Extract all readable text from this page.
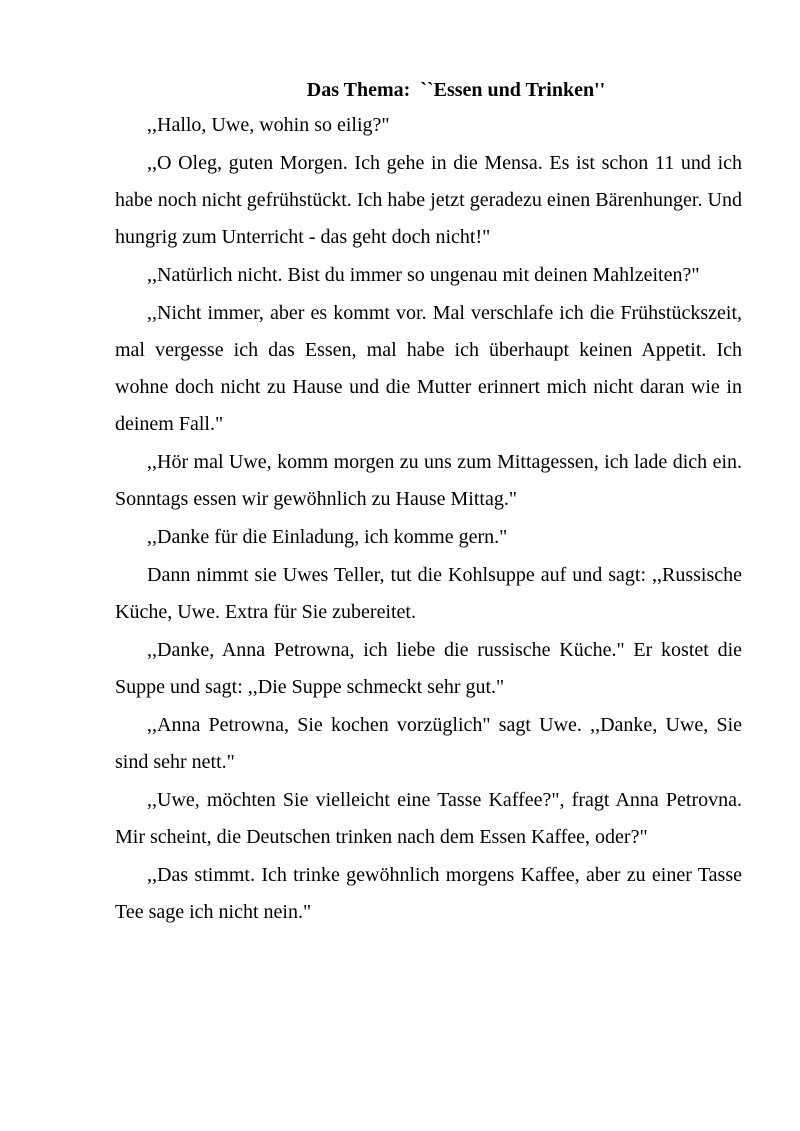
Das Thema:  ``Essen und Trinken''

,,Hallo, Uwe, wohin so eilig?"

,,O Oleg, guten Morgen. Ich gehe in die Mensa. Es ist schon 11 und ich habe noch nicht gefrühstückt. Ich habe jetzt geradezu einen Bärenhunger. Und hungrig zum Unterricht - das geht doch nicht!"

,,Natürlich nicht. Bist du immer so ungenau mit deinen Mahlzeiten?"

,,Nicht immer, aber es kommt vor. Mal verschlafe ich die Frühstückszeit, mal vergesse ich das Essen, mal habe ich überhaupt keinen Appetit. Ich wohne doch nicht zu Hause und die Mutter erinnert mich nicht daran wie in deinem Fall."

,,Hör mal Uwe, komm morgen zu uns zum Mittagessen, ich lade dich ein. Sonntags essen wir gewöhnlich zu Hause Mittag."

,,Danke für die Einladung, ich komme gern."

Dann nimmt sie Uwes Teller, tut die Kohlsuppe auf und sagt: ,,Russische Küche, Uwe. Extra für Sie zubereitet.

,,Danke, Anna Petrowna, ich liebe die russische Küche." Er kostet die Suppe und sagt: ,,Die Suppe schmeckt sehr gut."

,,Anna Petrowna, Sie kochen vorzüglich" sagt Uwe. ,,Danke, Uwe, Sie sind sehr nett."

,,Uwe, möchten Sie vielleicht eine Tasse Kaffee?", fragt Anna Petrovna. Mir scheint, die Deutschen trinken nach dem Essen Kaffee, oder?"

,,Das stimmt. Ich trinke gewöhnlich morgens Kaffee, aber zu einer Tasse Tee sage ich nicht nein."
